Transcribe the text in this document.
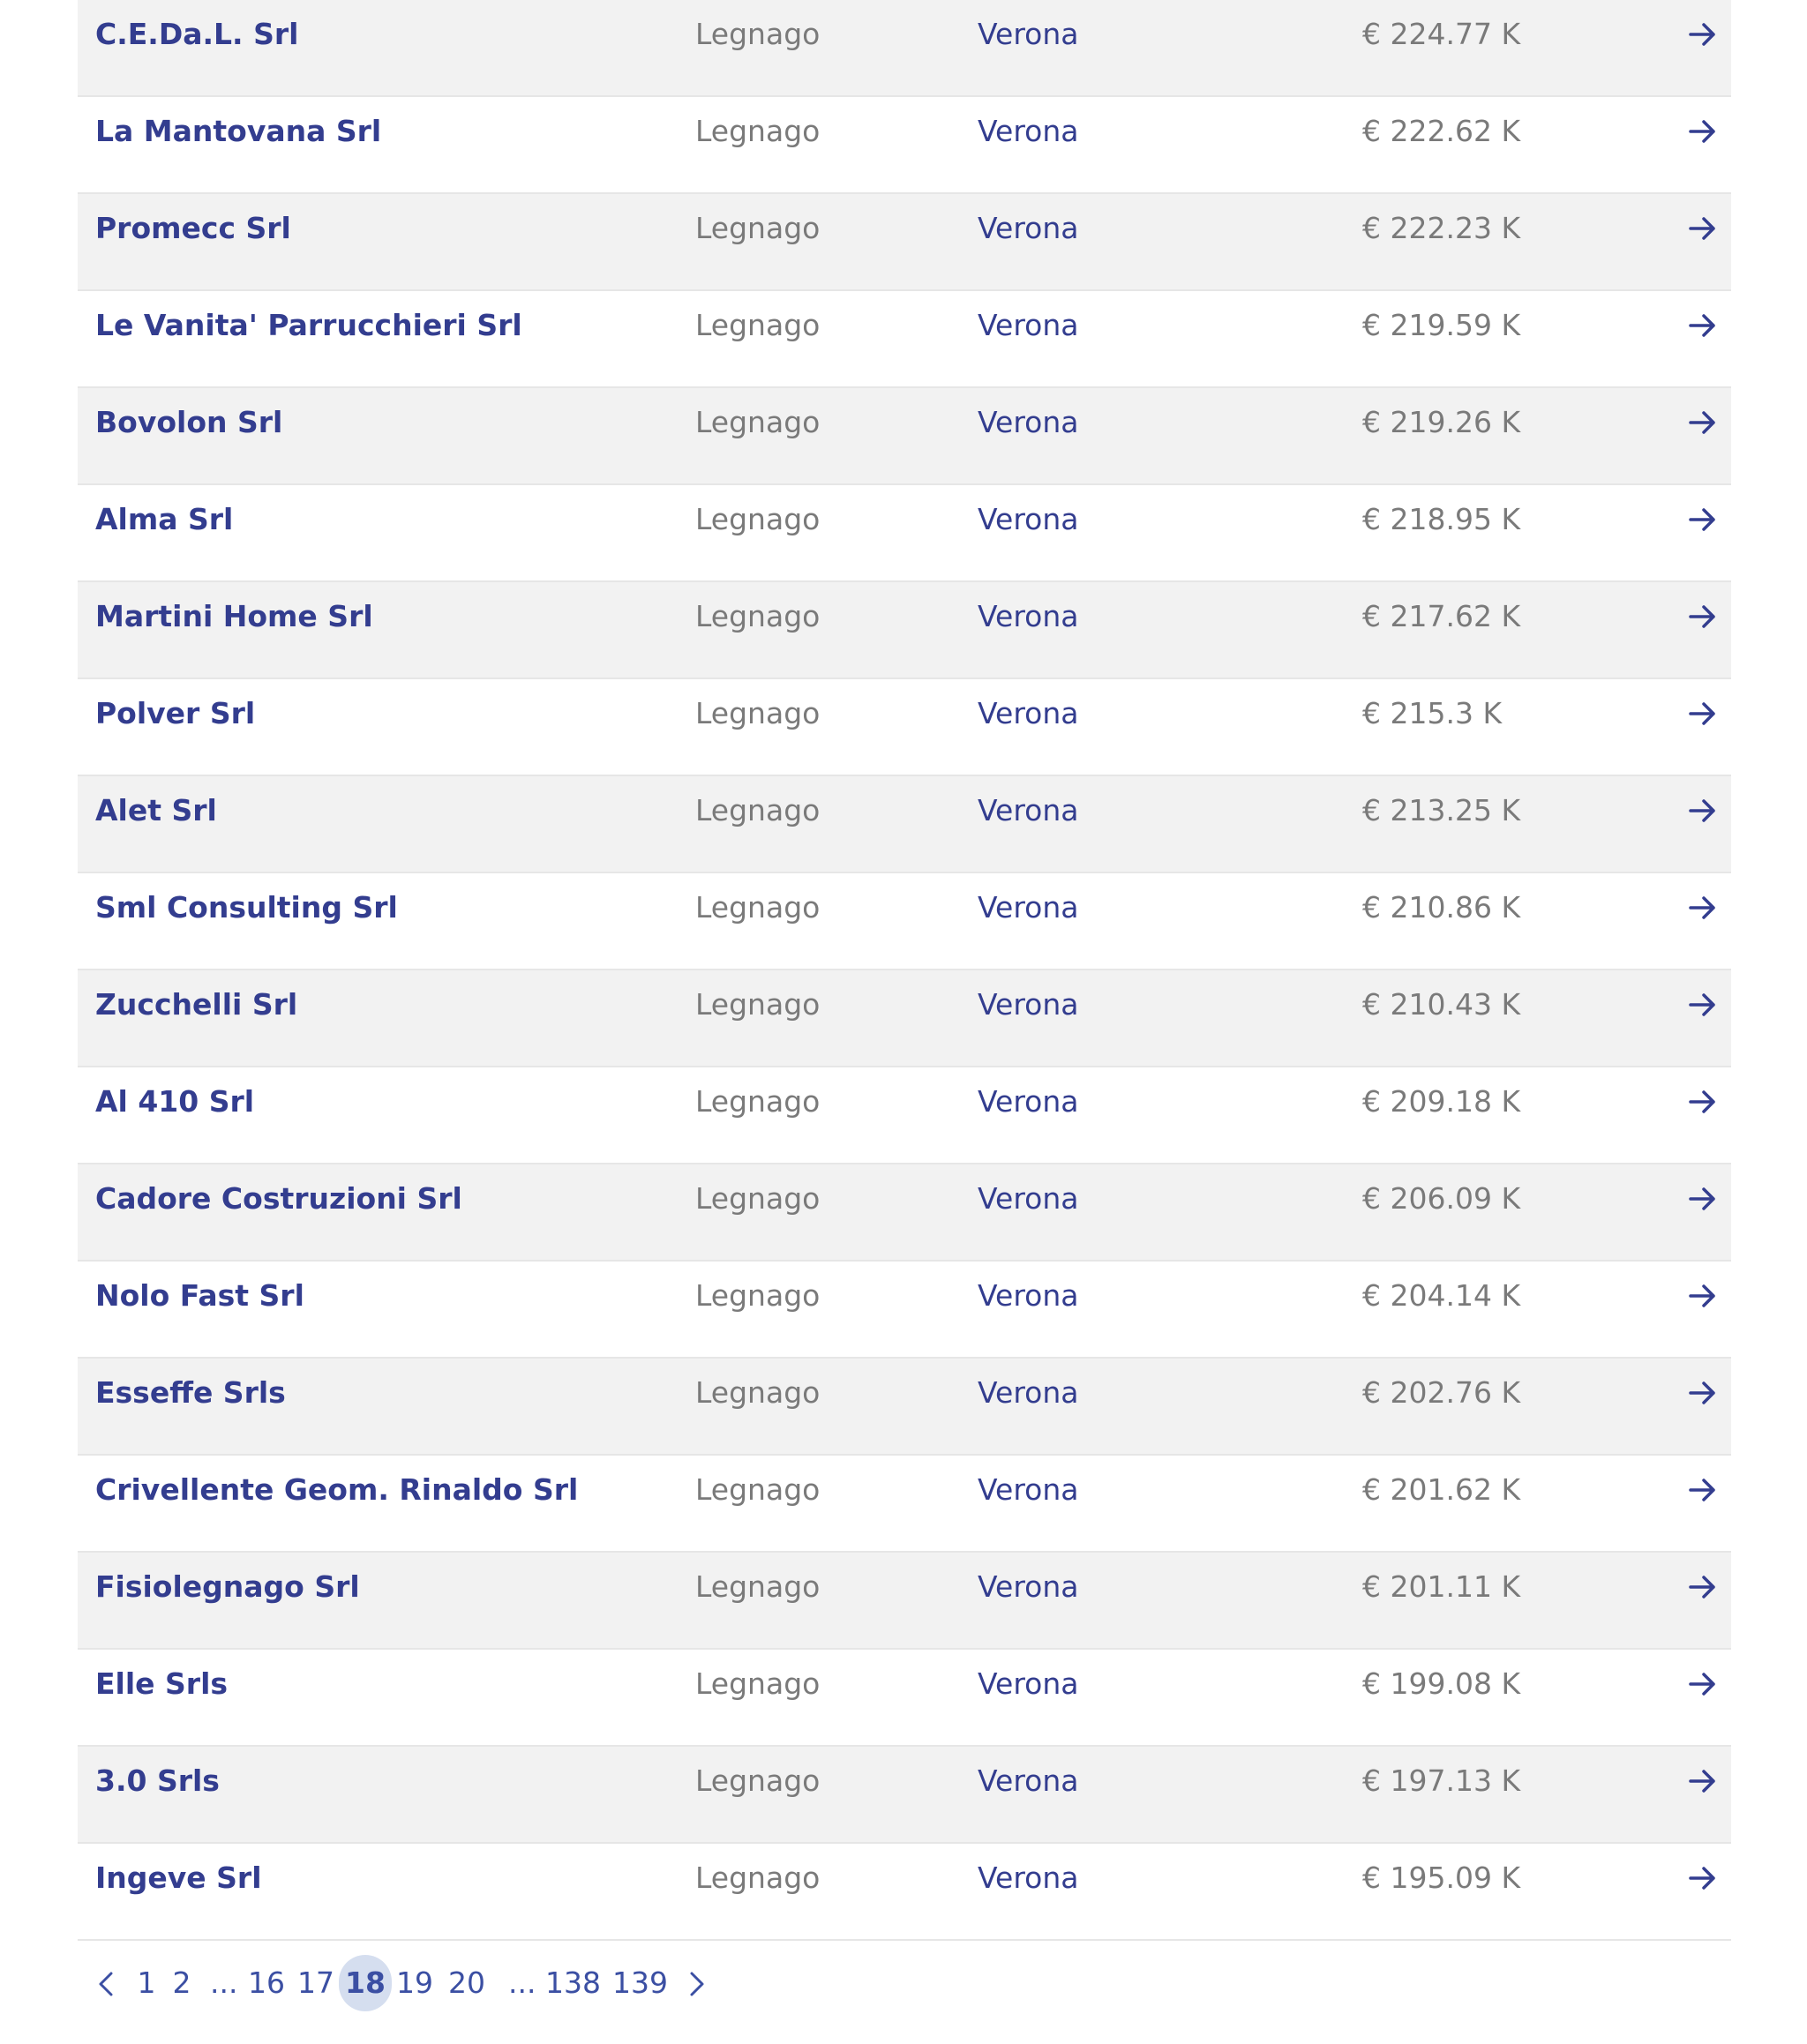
C.E.Da.L. Srl	Legnago	Verona	€ 224.77 K
La Mantovana Srl	Legnago	Verona	€ 222.62 K
Promecc Srl	Legnago	Verona	€ 222.23 K
Le Vanita' Parrucchieri Srl	Legnago	Verona	€ 219.59 K
Bovolon Srl	Legnago	Verona	€ 219.26 K
Alma Srl	Legnago	Verona	€ 218.95 K
Martini Home Srl	Legnago	Verona	€ 217.62 K
Polver Srl	Legnago	Verona	€ 215.3 K
Alet Srl	Legnago	Verona	€ 213.25 K
Sml Consulting Srl	Legnago	Verona	€ 210.86 K
Zucchelli Srl	Legnago	Verona	€ 210.43 K
Al 410 Srl	Legnago	Verona	€ 209.18 K
Cadore Costruzioni Srl	Legnago	Verona	€ 206.09 K
Nolo Fast Srl	Legnago	Verona	€ 204.14 K
Esseffe Srls	Legnago	Verona	€ 202.76 K
Crivellente Geom. Rinaldo Srl	Legnago	Verona	€ 201.62 K
Fisiolegnago Srl	Legnago	Verona	€ 201.11 K
Elle Srls	Legnago	Verona	€ 199.08 K
3.0 Srls	Legnago	Verona	€ 197.13 K
Ingeve Srl	Legnago	Verona	€ 195.09 K
1 2 ... 16 17 18 19 20 ... 138 139
